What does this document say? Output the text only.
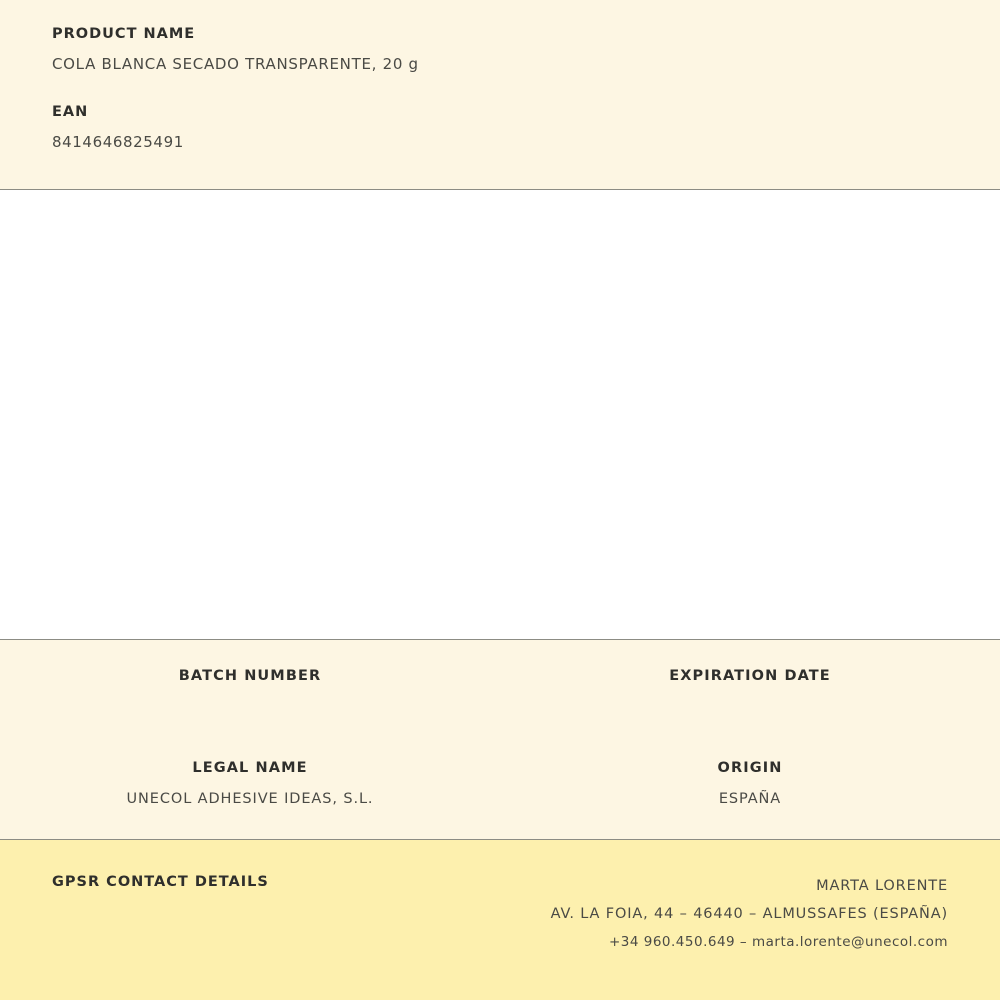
PRODUCT NAME
COLA BLANCA SECADO TRANSPARENTE, 20 g
EAN
8414646825491
BATCH NUMBER	EXPIRATION DATE
LEGAL NAME
UNECOL ADHESIVE IDEAS, S.L.
ORIGIN
ESPAÑA
GPSR CONTACT DETAILS	MARTA LORENTE
AV. LA FOIA, 44 – 46440 – ALMUSSAFES (ESPAÑA)
+34 960.450.649 – marta.lorente@unecol.com
